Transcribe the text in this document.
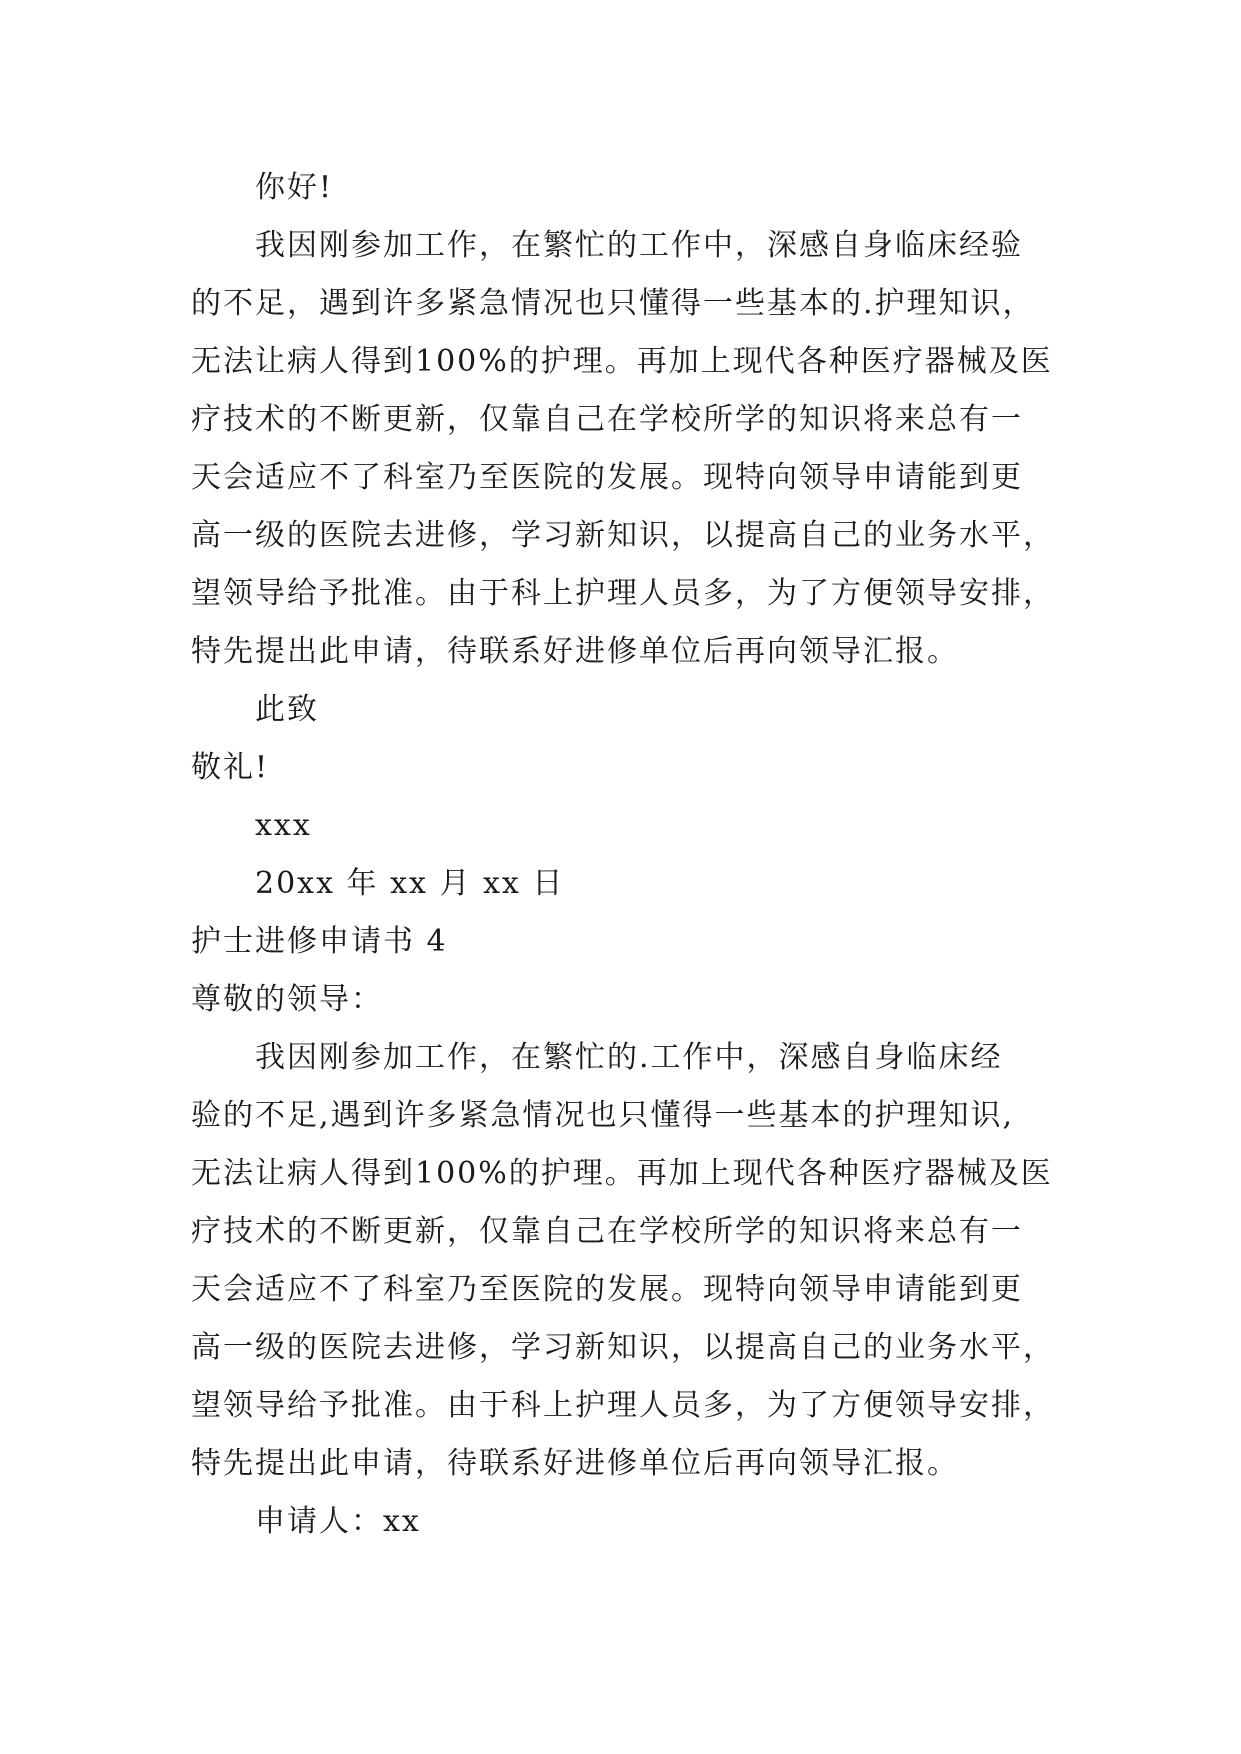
你好!
我因刚参加工作，在繁忙的工作中，深感自身临床经验
的不足，遇到许多紧急情况也只懂得一些基本的.护理知识，
无法让病人得到100%的护理。再加上现代各种医疗器械及医
疗技术的不断更新，仅靠自己在学校所学的知识将来总有一
天会适应不了科室乃至医院的发展。现特向领导申请能到更
高一级的医院去进修，学习新知识，以提高自己的业务水平，
望领导给予批准。由于科上护理人员多，为了方便领导安排，
特先提出此申请，待联系好进修单位后再向领导汇报。
此致
敬礼!
xxx
20xx 年 xx 月 xx 日
护士进修申请书 4
尊敬的领导：
我因刚参加工作，在繁忙的.工作中，深感自身临床经
验的不足,遇到许多紧急情况也只懂得一些基本的护理知识,
无法让病人得到100%的护理。再加上现代各种医疗器械及医
疗技术的不断更新，仅靠自己在学校所学的知识将来总有一
天会适应不了科室乃至医院的发展。现特向领导申请能到更
高一级的医院去进修，学习新知识，以提高自己的业务水平，
望领导给予批准。由于科上护理人员多，为了方便领导安排，
特先提出此申请，待联系好进修单位后再向领导汇报。
申请人：xx
